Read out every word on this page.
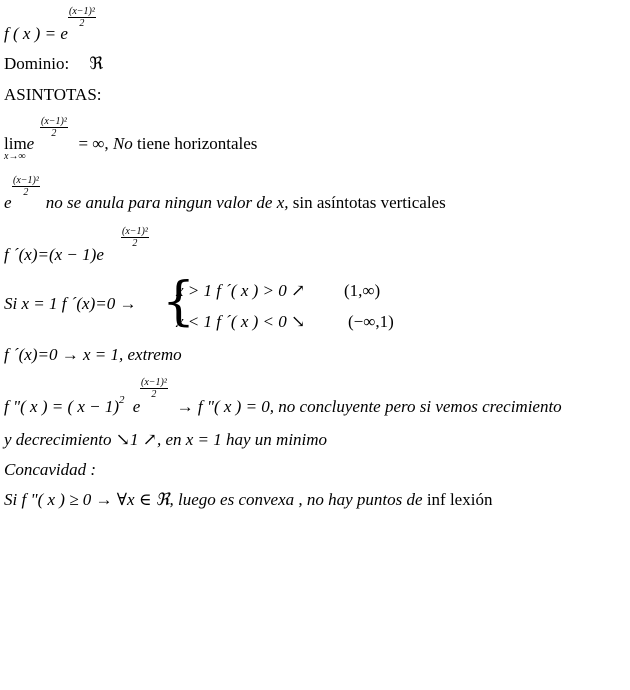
f ( x ) = e
$\frac{\text{(x−1)²}}{2}$
Dominio: ℜ
ASINTOTAS:
lime	= ∞, No tiene horizontales
x→∞
$\frac{\text{(x−1)²}}{2}$
e no se anula para ningun valor de x, sin asíntotas verticales
$\frac{\text{(x−1)²}}{2}$
f ´(x)=(x − 1)e
$\frac{\text{(x−1)²}}{2}$
Si x = 1 f ´(x)=0 → {
x > 1 f ´( x ) > 0 ↗ (1,∞)
x < 1 f ´( x ) < 0 ↘	(−∞,1)
f ´(x)=0 → x = 1, extremo
f "( x ) = ( x − 1)$^2$ e → f "( x ) = 0, no concluyente pero si vemos crecimiento
$\frac{\text{(x−1)²}}{2}$
y decrecimiento ↘1 ↗, en x = 1 hay un minimo
Concavidad :
Si f "( x ) ≥ 0 → ∀x ∈ ℜ, luego es convexa , no hay puntos de inf lexión
